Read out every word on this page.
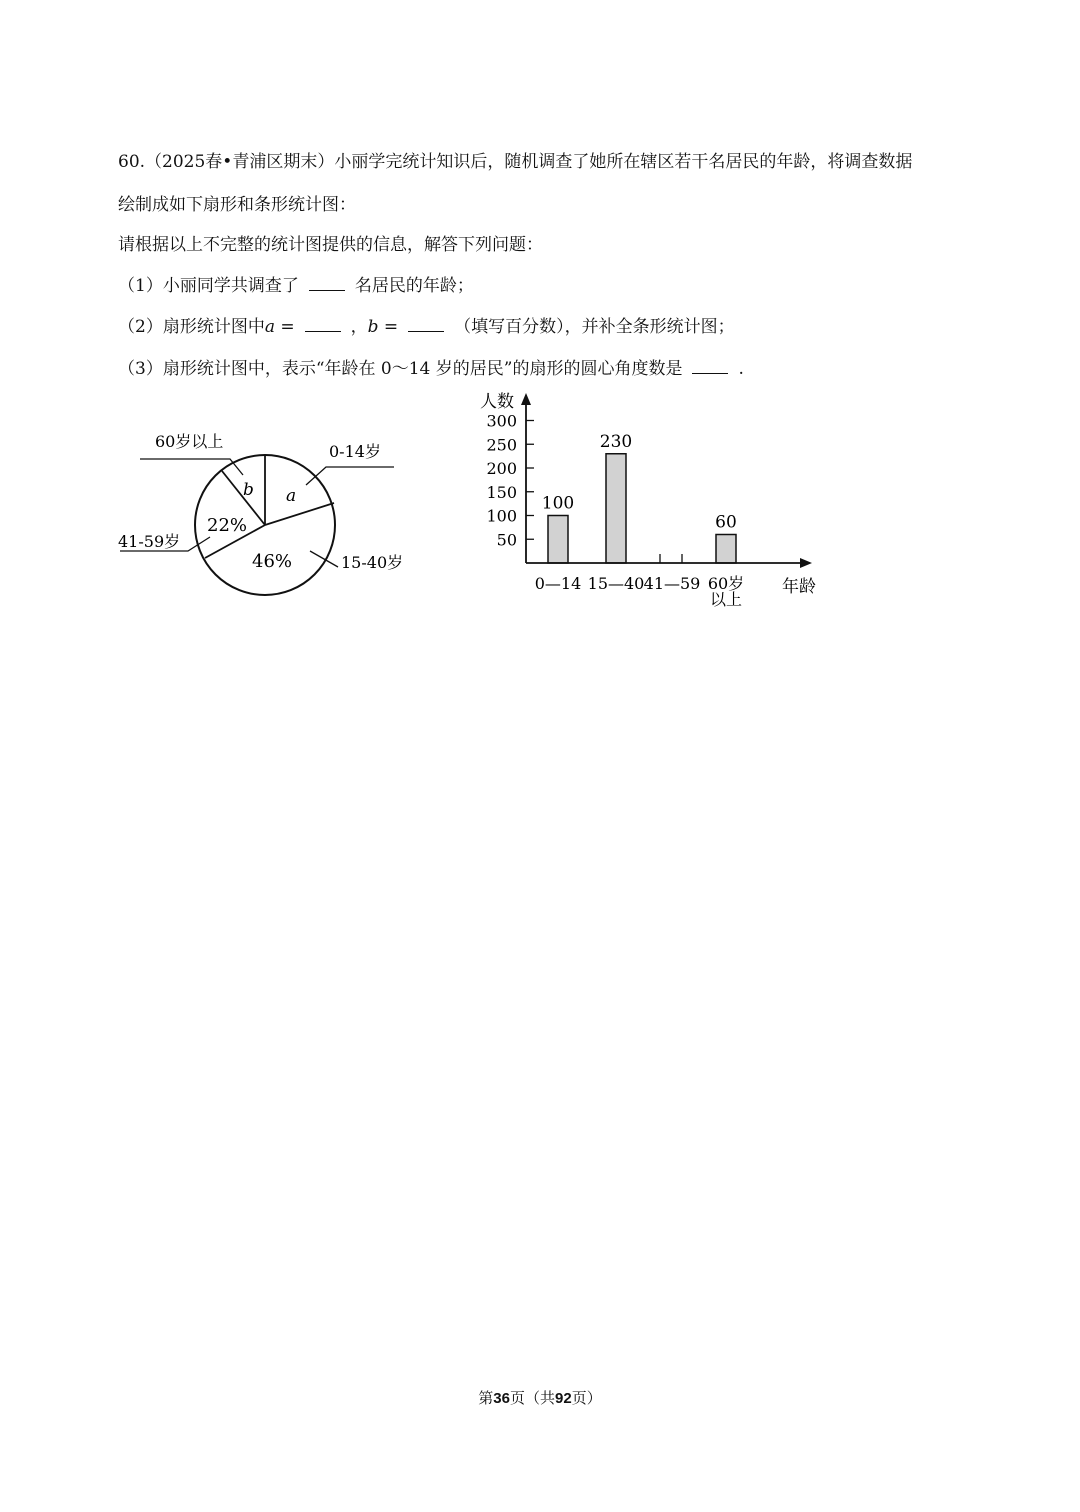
60.（2025春•青浦区期末）小丽学完统计知识后，随机调查了她所在辖区若干名居民的年龄，将调查数据
绘制成如下扇形和条形统计图：
请根据以上不完整的统计图提供的信息，解答下列问题：
（1）小丽同学共调查了	名居民的年龄；
（2）扇形统计图中a =	，b =	（填写百分数），并补全条形统计图；
（3）扇形统计图中，表示“年龄在 0～14 岁的居民”的扇形的圆心角度数是	.
a
b
22%
46%
60岁以上
0-14岁
41-59岁
15-40岁
100
230
60
人数
年龄
50
100
150
200
250
300
0—14 15—40 41—59 60岁
以上
第36页（共92页）
